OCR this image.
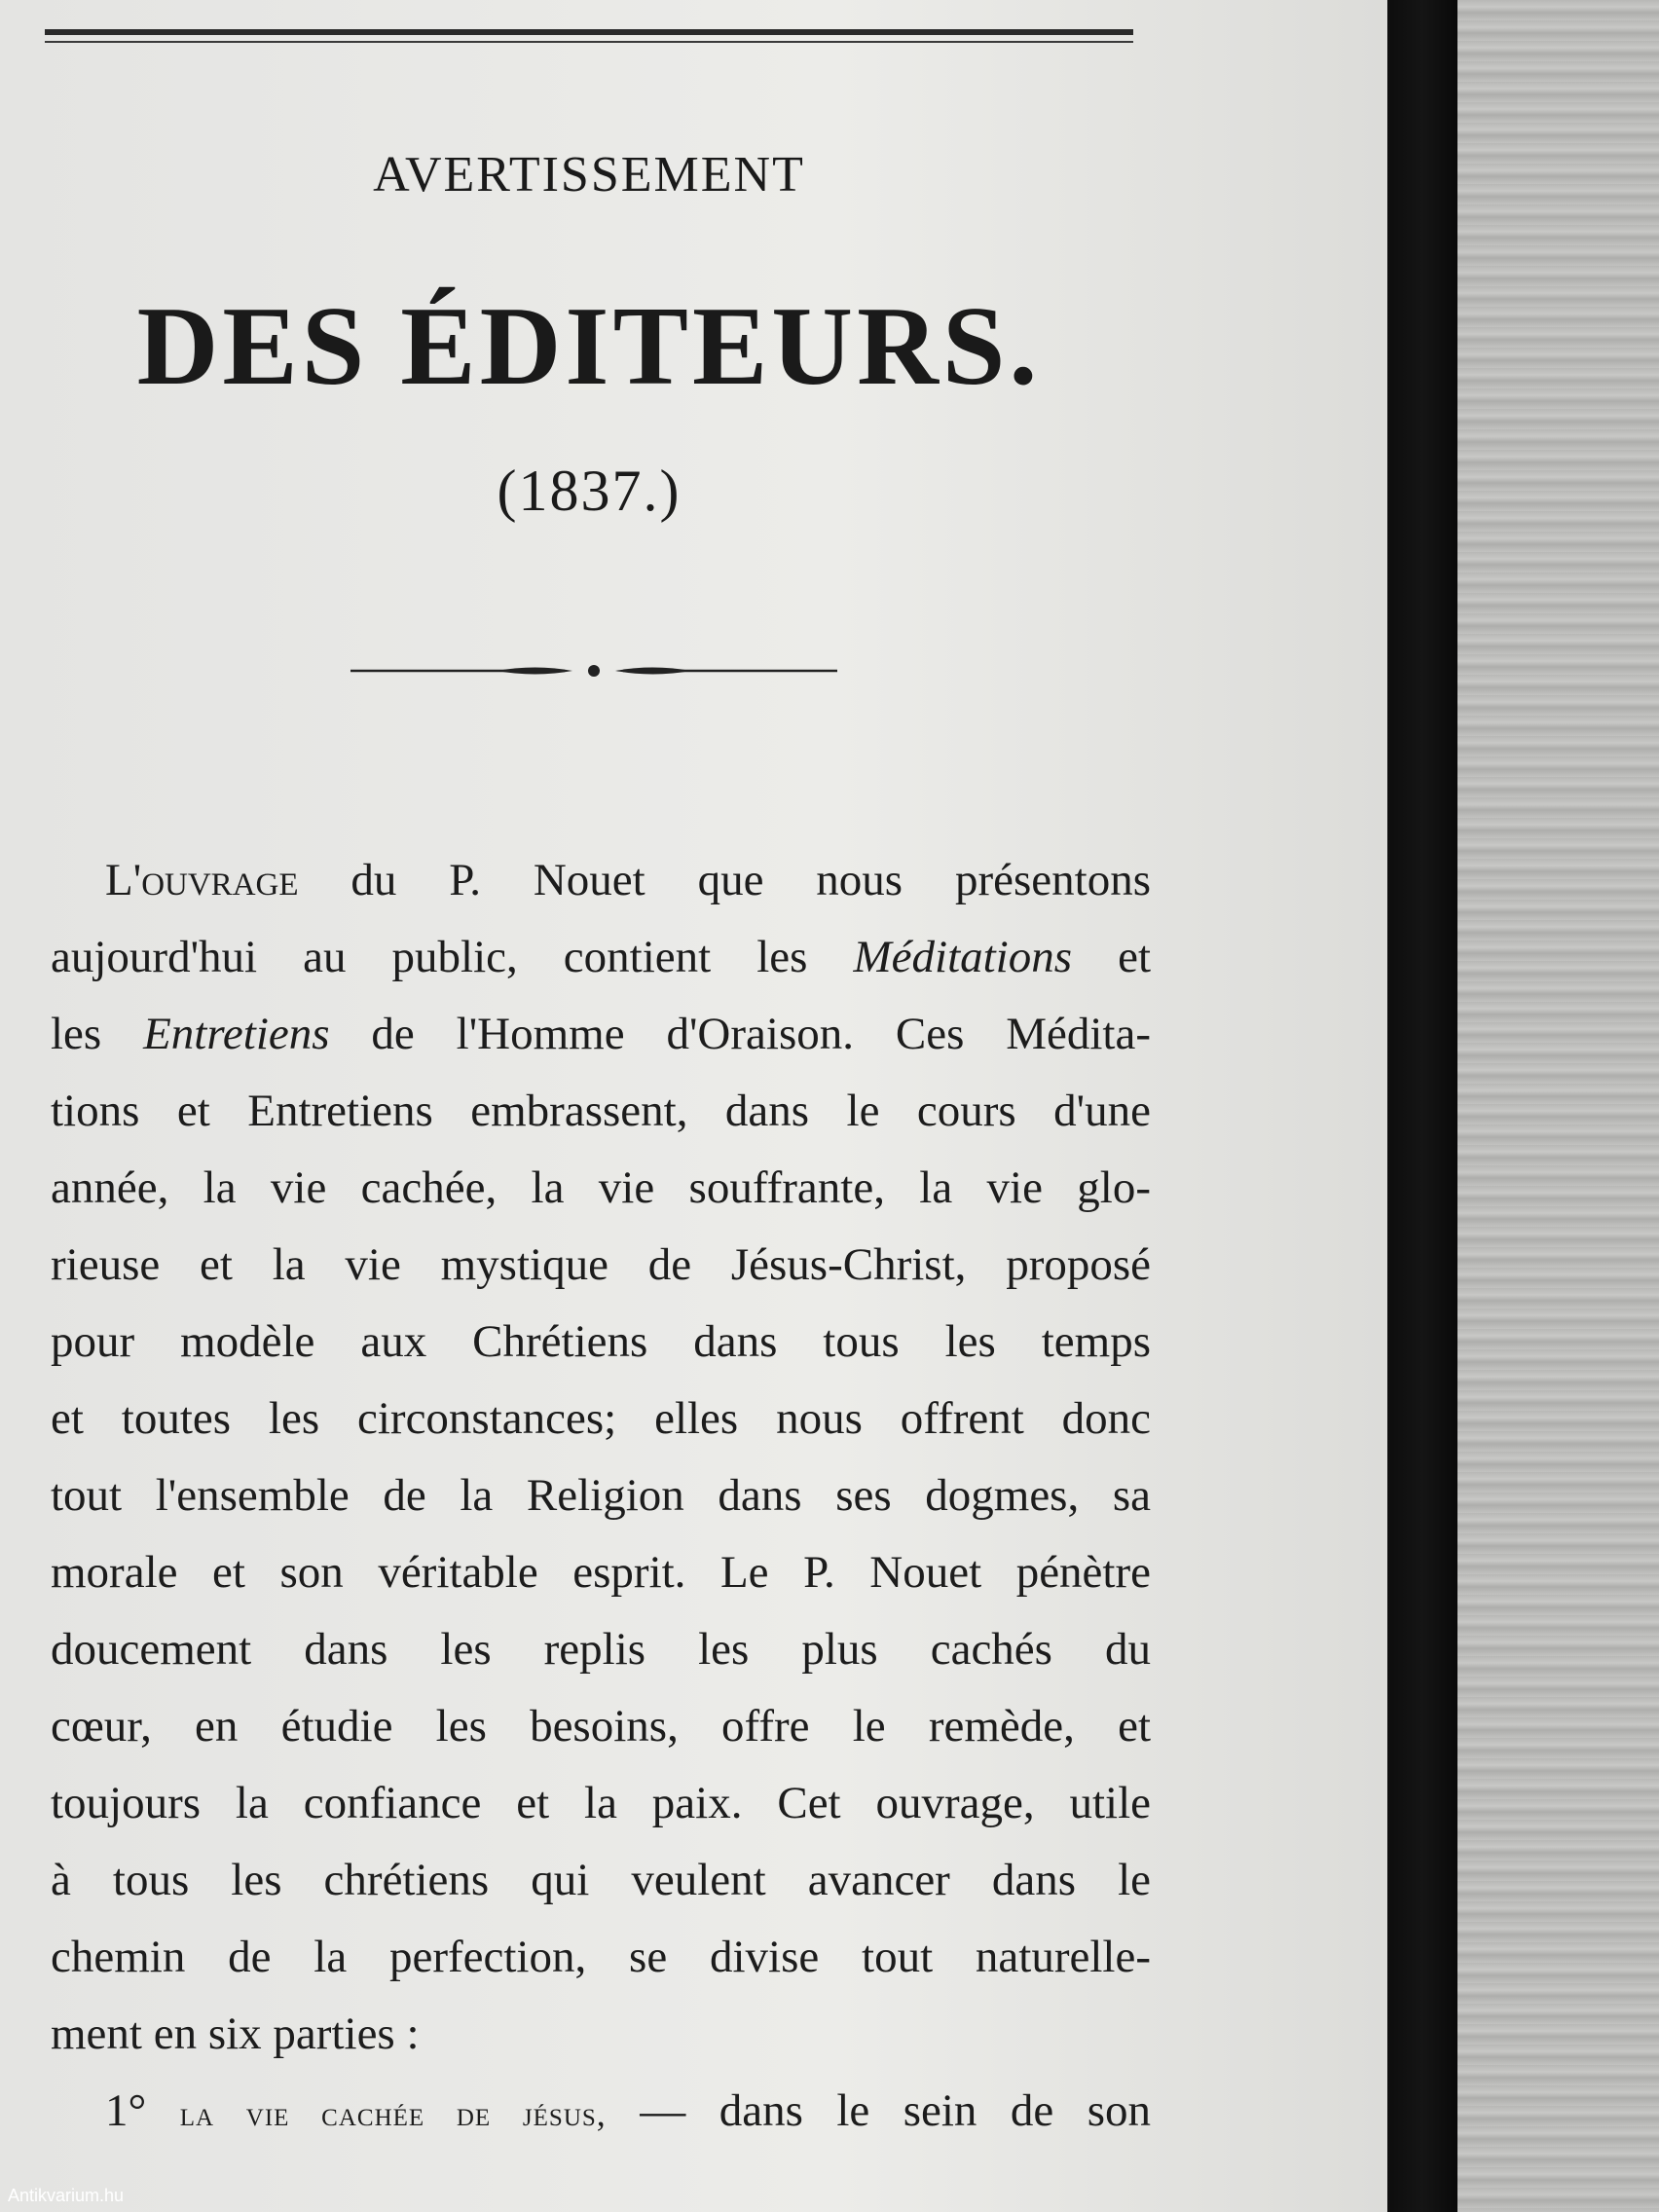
AVERTISSEMENT
DES ÉDITEURS.
(1837.)
L'ouvrage du P. Nouet que nous présentons
aujourd'hui au public, contient les Méditations et
les Entretiens de l'Homme d'Oraison. Ces Médita-
tions et Entretiens embrassent, dans le cours d'une
année, la vie cachée, la vie souffrante, la vie glo-
rieuse et la vie mystique de Jésus-Christ, proposé
pour modèle aux Chrétiens dans tous les temps
et toutes les circonstances; elles nous offrent donc
tout l'ensemble de la Religion dans ses dogmes, sa
morale et son véritable esprit. Le P. Nouet pénètre
doucement dans les replis les plus cachés du
cœur, en étudie les besoins, offre le remède, et
toujours la confiance et la paix. Cet ouvrage, utile
à tous les chrétiens qui veulent avancer dans le
chemin de la perfection, se divise tout naturelle-
ment en six parties :
1° la vie cachée de jésus, — dans le sein de son
Antikvarium.hu
